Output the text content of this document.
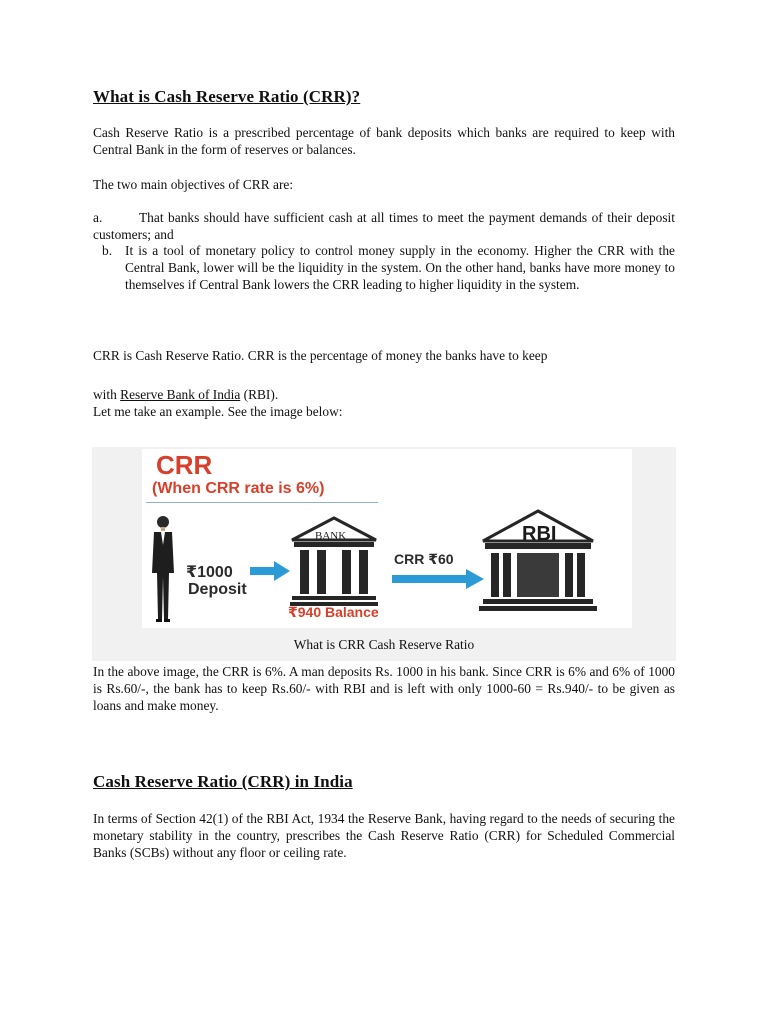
What is Cash Reserve Ratio (CRR)?

Cash Reserve Ratio is a prescribed percentage of bank deposits which banks are required to keep with Central Bank in the form of reserves or balances.

The two main objectives of CRR are:

a.	That banks should have sufficient cash at all times to meet the payment demands of their deposit customers; and
b. It is a tool of monetary policy to control money supply in the economy. Higher the CRR with the Central Bank, lower will be the liquidity in the system. On the other hand, banks have more money to themselves if Central Bank lowers the CRR leading to higher liquidity in the system.

CRR is Cash Reserve Ratio. CRR is the percentage of money the banks have to keep

with Reserve Bank of India (RBI).

Let me take an example. See the image below:

CRR

(When CRR rate is 6%)

₹1000

Deposit

BANK

₹940 Balance

CRR ₹60

RBI

What is CRR Cash Reserve Ratio

In the above image, the CRR is 6%. A man deposits Rs. 1000 in his bank. Since CRR is 6% and 6% of 1000 is Rs.60/-, the bank has to keep Rs.60/- with RBI and is left with only 1000-60 = Rs.940/- to be given as loans and make money.

Cash Reserve Ratio (CRR) in India

In terms of Section 42(1) of the RBI Act, 1934 the Reserve Bank, having regard to the needs of securing the monetary stability in the country, prescribes the Cash Reserve Ratio (CRR) for Scheduled Commercial Banks (SCBs) without any floor or ceiling rate.
